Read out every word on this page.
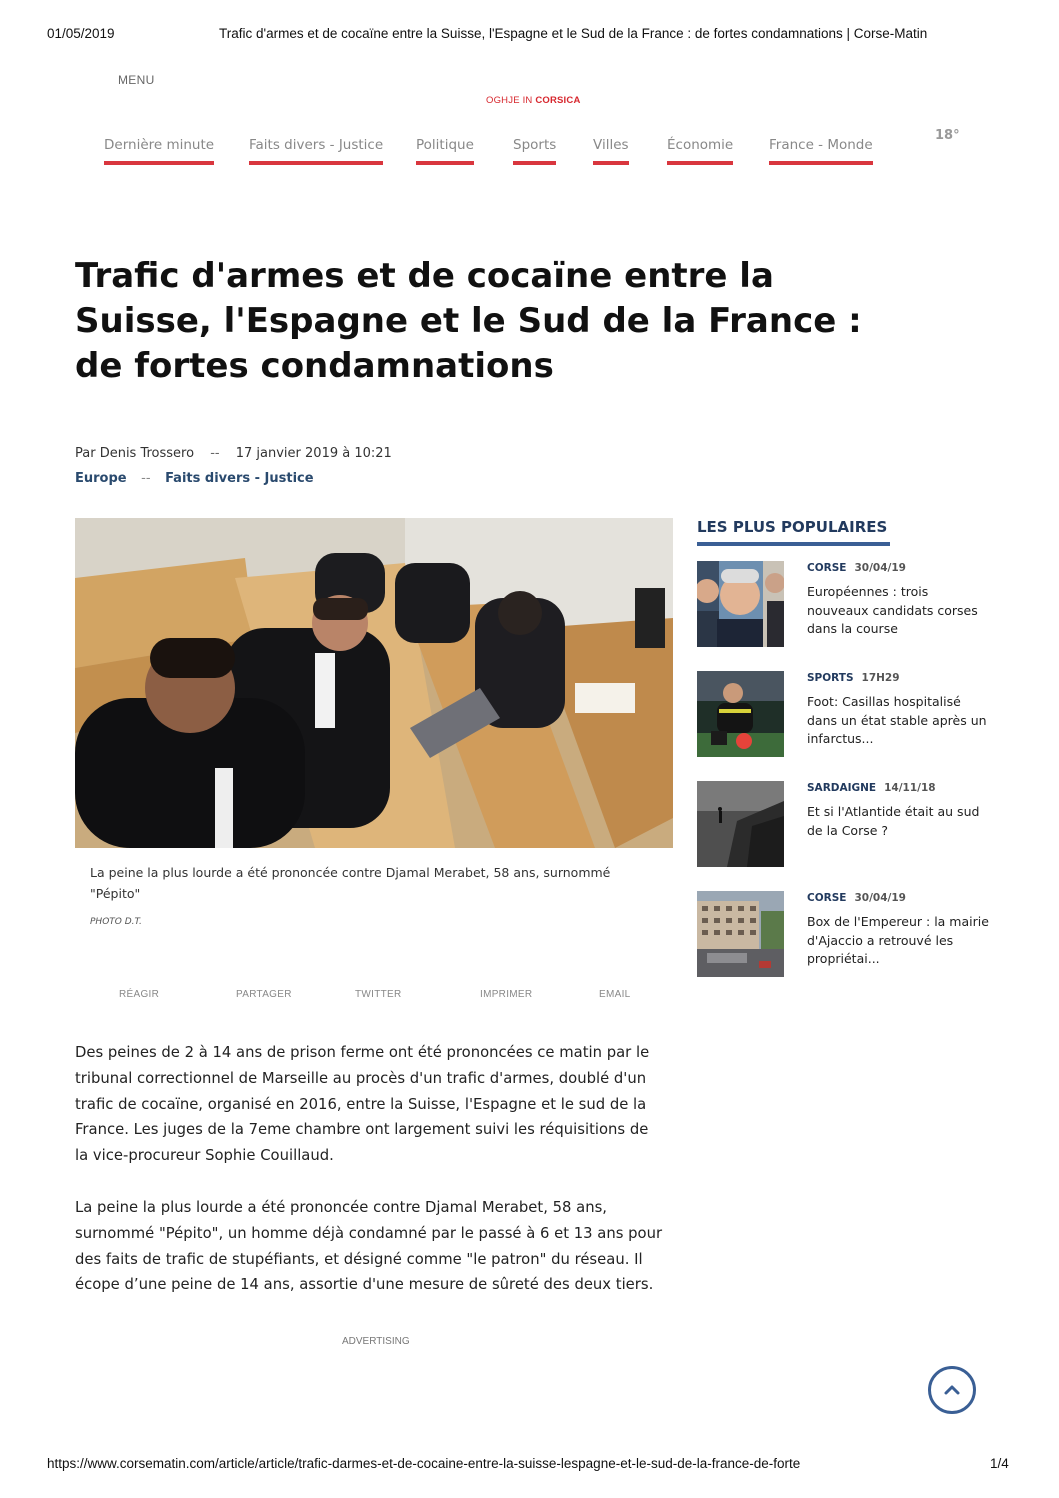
01/05/2019	Trafic d'armes et de cocaïne entre la Suisse, l'Espagne et le Sud de la France : de fortes condamnations | Corse-Matin
MENU
OGHJE IN CORSICA
Dernière minute	Faits divers - Justice Politique	Sports	Villes	Économie	France - Monde
18°
Trafic d'armes et de cocaïne entre la Suisse, l'Espagne et le Sud de la France : de fortes condamnations
Par Denis Trossero -- 17 janvier 2019 à 10:21
Europe -- Faits divers - Justice
La peine la plus lourde a été prononcée contre Djamal Merabet, 58 ans, surnommé "Pépito"
PHOTO D.T.
RÉAGIR	PARTAGER	TWITTER	IMPRIMER	EMAIL

Des peines de 2 à 14 ans de prison ferme ont été prononcées ce matin par le tribunal correctionnel de Marseille au procès d'un trafic d'armes, doublé d'un trafic de cocaïne, organisé en 2016, entre la Suisse, l'Espagne et le sud de la France. Les juges de la 7eme chambre ont largement suivi les réquisitions de la vice-procureur Sophie Couillaud.

La peine la plus lourde a été prononcée contre Djamal Merabet, 58 ans, surnommé "Pépito", un homme déjà condamné par le passé à 6 et 13 ans pour des faits de trafic de stupéfiants, et désigné comme "le patron" du réseau. Il écope d’une peine de 14 ans, assortie d'une mesure de sûreté des deux tiers.

ADVERTISING
LES PLUS POPULAIRES
CORSE 30/04/19
Européennes : trois nouveaux candidats corses dans la course
SPORTS 17H29
Foot: Casillas hospitalisé dans un état stable après un infarctus...
SARDAIGNE 14/11/18
Et si l'Atlantide était au sud de la Corse ?
CORSE 30/04/19
Box de l'Empereur : la mairie d'Ajaccio a retrouvé les propriétai...
https://www.corsematin.com/article/article/trafic-darmes-et-de-cocaine-entre-la-suisse-lespagne-et-le-sud-de-la-france-de-forte	1/4
